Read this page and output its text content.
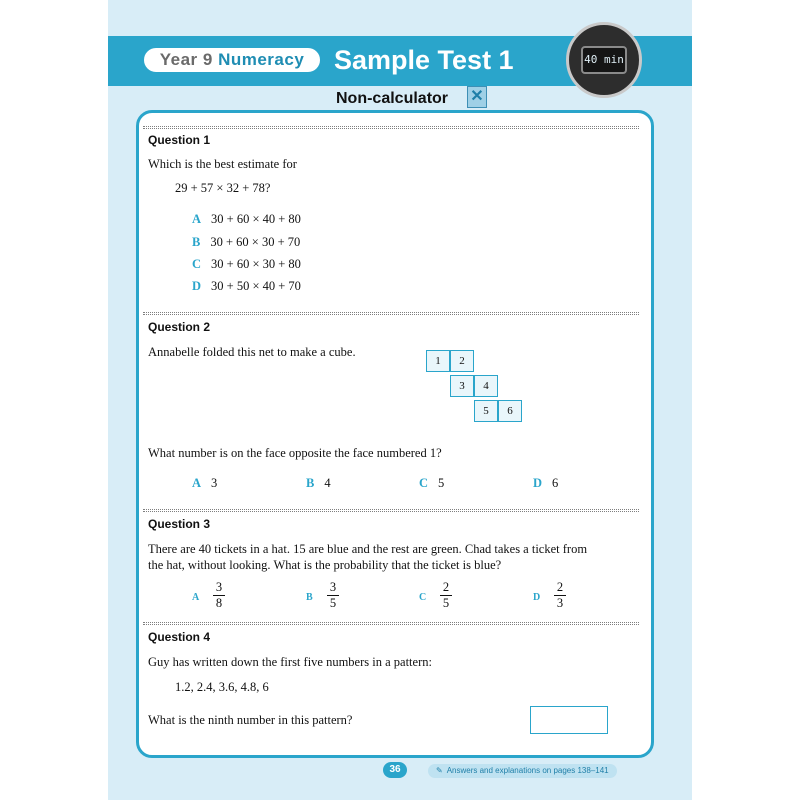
Year 9 Numeracy	Sample Test 1	40 min
Non-calculator ✕
Question 1
Which is the best estimate for
29 + 57 × 32 + 78?
A 30 + 60 × 40 + 80
B 30 + 60 × 30 + 70
C 30 + 60 × 30 + 80
D 30 + 50 × 40 + 70
Question 2
Annabelle folded this net to make a cube.
1	2
3	4
5	6
What number is on the face opposite the face numbered 1?
A 3	B 4	C 5	D 6
Question 3
There are 40 tickets in a hat. 15 are blue and the rest are green. Chad takes a ticket from
the hat, without looking. What is the probability that the ticket is blue?
A
3
8	B
3
5	C
2
5	D
2
3
Question 4
Guy has written down the first five numbers in a pattern:
1.2, 2.4, 3.6, 4.8, 6
What is the ninth number in this pattern?
36	✎ Answers and explanations on pages 138–141
